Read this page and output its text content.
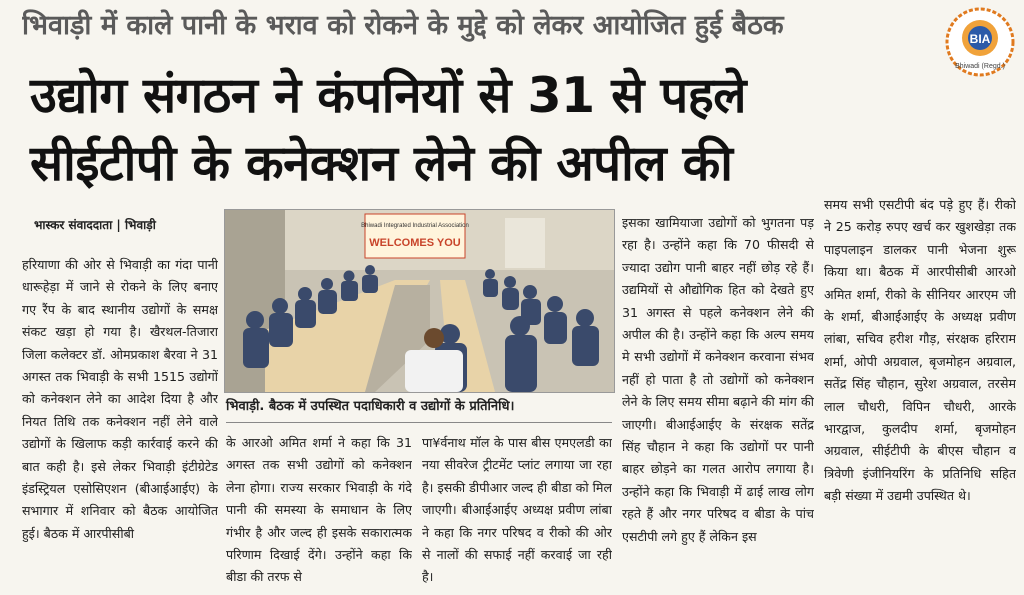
भिवाड़ी में काले पानी के भराव को रोकने के मुद्दे को लेकर आयोजित हुई बैठक	BIA
Bhiwadi (Regd.)
उद्योग संगठन ने कंपनियों से 31 से पहले
सीईटीपी के कनेक्शन लेने की अपील की
भास्कर संवाददाता | भिवाड़ी
हरियाणा की ओर से भिवाड़ी का गंदा पानी धारूहेड़ा में जाने से रोकने के लिए बनाए गए रैंप के बाद स्थानीय उद्योगों के समक्ष संकट खड़ा हो गया है। खैरथल-तिजारा जिला कलेक्टर डॉ. ओमप्रकाश बैरवा ने 31 अगस्त तक भिवाड़ी के सभी 1515 उद्योगों को कनेक्शन लेने का आदेश दिया है और नियत तिथि तक कनेक्शन नहीं लेने वाले उद्योगों के खिलाफ कड़ी कार्रवाई करने की बात कही है। इसे लेकर भिवाड़ी इंटीग्रेटेड इंडस्ट्रियल एसोसिएशन (बीआईआईए) के सभागार में शनिवार को बैठक आयोजित हुई। बैठक में आरपीसीबी
Bhiwadi Integrated Industrial Association
WELCOMES YOU
भिवाड़ी. बैठक में उपस्थित पदाधिकारी व उद्योगों के प्रतिनिधि।
के आरओ अमित शर्मा ने कहा कि 31 अगस्त तक सभी उद्योगों को कनेक्शन लेना होगा। राज्य सरकार भिवाड़ी के गंदे पानी की समस्या के समाधान के लिए गंभीर है और जल्द ही इसके सकारात्मक परिणाम दिखाई देंगे। उन्होंने कहा कि बीडा की तरफ से
पा¥र्वनाथ मॉल के पास बीस एमएलडी का नया सीवरेज ट्रीटमेंट प्लांट लगाया जा रहा है। इसकी डीपीआर जल्द ही बीडा को मिल जाएगी। बीआईआईए अध्यक्ष प्रवीण लांबा ने कहा कि नगर परिषद व रीको की ओर से नालों की सफाई नहीं करवाई जा रही है।
इसका खामियाजा उद्योगों को भुगतना पड़ रहा है। उन्होंने कहा कि 70 फीसदी से ज्यादा उद्योग पानी बाहर नहीं छोड़ रहे हैं। उद्यमियों से औद्योगिक हित को देखते हुए 31 अगस्त से पहले कनेक्शन लेने की अपील की है। उन्होंने कहा कि अल्प समय मे सभी उद्योगों में कनेक्शन करवाना संभव नहीं हो पाता है तो उद्योगों को कनेक्शन लेने के लिए समय सीमा बढ़ाने की मांग की जाएगी। बीआईआईए के संरक्षक सतेंद्र सिंह चौहान ने कहा कि उद्योगों पर पानी बाहर छोड़ने का गलत आरोप लगाया है। उन्होंने कहा कि भिवाड़ी में ढाई लाख लोग रहते हैं और नगर परिषद व बीडा के पांच एसटीपी लगे हुए हैं लेकिन इस
समय सभी एसटीपी बंद पड़े हुए हैं। रीको ने 25 करोड़ रुपए खर्च कर खुशखेड़ा तक पाइपलाइन डालकर पानी भेजना शुरू किया था। बैठक में आरपीसीबी आरओ अमित शर्मा, रीको के सीनियर आरएम जी के शर्मा, बीआईआईए के अध्यक्ष प्रवीण लांबा, सचिव हरीश गौड़, संरक्षक हरिराम शर्मा, ओपी अग्रवाल, बृजमोहन अग्रवाल, सतेंद्र सिंह चौहान, सुरेश अग्रवाल, तरसेम लाल चौधरी, विपिन चौधरी, आरके भारद्वाज, कुलदीप शर्मा, बृजमोहन अग्रवाल, सीईटीपी के बीएस चौहान व त्रिवेणी इंजीनियरिंग के प्रतिनिधि सहित बड़ी संख्या में उद्यमी उपस्थित थे।
